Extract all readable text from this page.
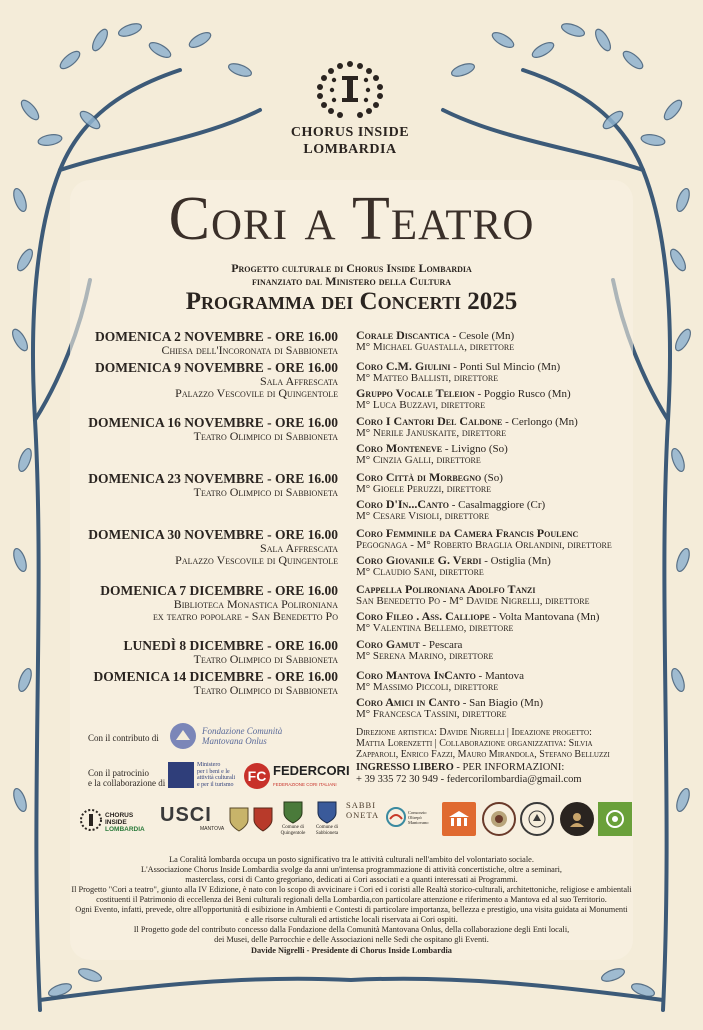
CHORUS INSIDE
LOMBARDIA
Cori a Teatro
Progetto culturale di Chorus Inside Lombardia
finanziato dal Ministero della Cultura
Programma dei Concerti 2025
DOMENICA 2 NOVEMBRE - ORE 16.00
Chiesa dell'Incoronata di Sabbioneta
Corale Discantica - Cesole (Mn)
M° Michael Guastalla, direttore
DOMENICA 9 NOVEMBRE - ORE 16.00
Sala Affrescata
Palazzo Vescovile di Quingentole
Coro C.M. Giulini - Ponti Sul Mincio (Mn)
M° Matteo Ballisti, direttore
Gruppo Vocale Teleion - Poggio Rusco (Mn)
M° Luca Buzzavi, direttore
DOMENICA 16 NOVEMBRE - ORE 16.00
Teatro Olimpico di Sabbioneta
Coro I Cantori Del Caldone - Cerlongo (Mn)
M° Nerile Januskaite, direttore
Coro Monteneve - Livigno (So)
M° Cinzia Galli, direttore
DOMENICA 23 NOVEMBRE - ORE 16.00
Teatro Olimpico di Sabbioneta
Coro Città di Morbegno (So)
M° Gioele Peruzzi, direttore
Coro D'In...Canto - Casalmaggiore (Cr)
M° Cesare Visioli, direttore
DOMENICA 30 NOVEMBRE - ORE 16.00
Sala Affrescata
Palazzo Vescovile di Quingentole
Coro Femminile da Camera Francis Poulenc
Pegognaga - M° Roberto Braglia Orlandini, direttore
Coro Giovanile G. Verdi - Ostiglia (Mn)
M° Claudio Sani, direttore
DOMENICA 7 DICEMBRE - ORE 16.00
Biblioteca Monastica Polironiana
ex teatro popolare - San Benedetto Po
Cappella Polironiana Adolfo Tanzi
San Benedetto Po - M° Davide Nigrelli, direttore
Coro Fileo . Ass. Calliope - Volta Mantovana (Mn)
M° Valentina Bellemo, direttore
LUNEDÌ 8 DICEMBRE - ORE 16.00
Teatro Olimpico di Sabbioneta
Coro Gamut - Pescara
M° Serena Marino, direttore
DOMENICA 14 DICEMBRE - ORE 16.00
Teatro Olimpico di Sabbioneta
Coro Mantova InCanto - Mantova
M° Massimo Piccoli, direttore
Coro Amici in Canto - San Biagio (Mn)
M° Francesca Tassini, direttore
Con il contributo di
Fondazione Comunità
Mantovana Onlus
Con il patrocinio
e la collaborazione di
Ministero
per i beni e le
attività culturali
e per il turismo
FC FEDERCORI
FEDERAZIONE CORI ITALIANI
Direzione artistica: Davide Nigrelli | Ideazione progetto:
Mattia Lorenzetti | Collaborazione organizzativa: Silvia
Zapparoli, Enrico Fazzi, Mauro Mirandola, Stefano Belluzzi
INGRESSO LIBERO - PER INFORMAZIONI:
+ 39 335 72 30 949 - federcorilombardia@gmail.com
CHORUS INSIDE
LOMBARDIA
USCI
MANTOVA	Comune di
Quingentole
Comune di
Sabbioneta
SABBIONETA	Consorzio Oltrepò Mantovano
La Coralità lombarda occupa un posto significativo tra le attività culturali nell'ambito del volontariato sociale.
L'Associazione Chorus Inside Lombardia svolge da anni un'intensa programmazione di attività concertistiche, oltre a seminari,
masterclass, corsi di Canto gregoriano, dedicati ai Cori associati e a quanti interessati ai Programmi.
Il Progetto "Cori a teatro", giunto alla IV Edizione, è nato con lo scopo di avvicinare i Cori ed i coristi alle Realtà storico-culturali, architettoniche, religiose e ambientali
costituenti il Patrimonio di eccellenza dei Beni culturali regionali della Lombardia,con particolare attenzione e riferimento a Mantova ed al suo Territorio.
Ogni Evento, infatti, prevede, oltre all'opportunità di esibizione in Ambienti e Contesti di particolare importanza, bellezza e prestigio, una visita guidata ai Monumenti
e alle risorse culturali ed artistiche locali riservata ai Cori ospiti.
Il Progetto gode del contributo concesso dalla Fondazione della Comunità Mantovana Onlus, della collaborazione degli Enti locali,
dei Musei, delle Parrocchie e delle Associazioni nelle Sedi che ospitano gli Eventi.
Davide Nigrelli - Presidente di Chorus Inside Lombardia
